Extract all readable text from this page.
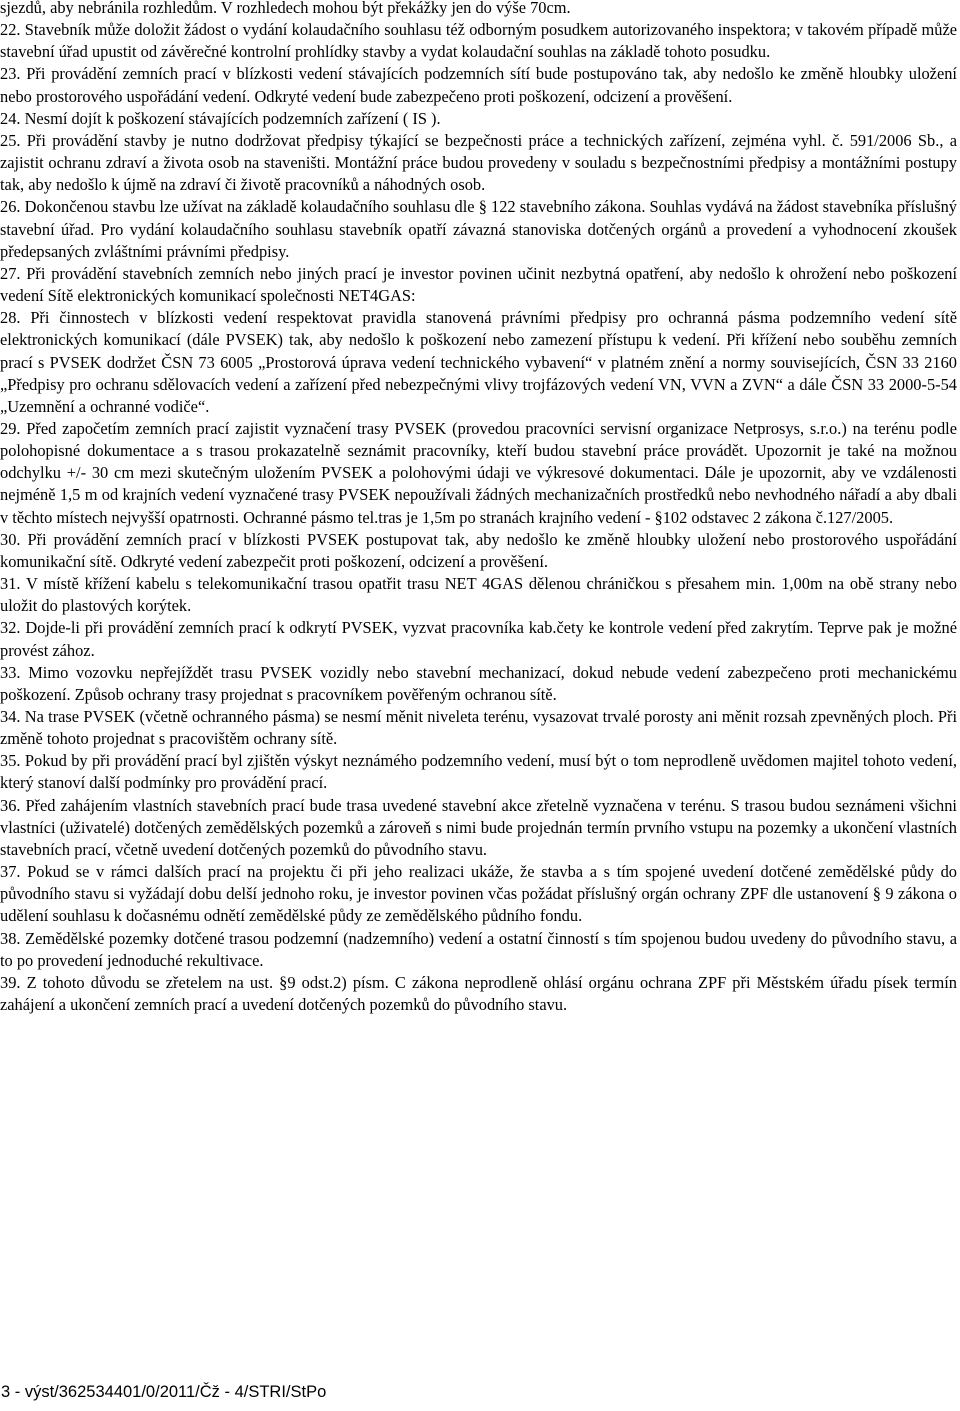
sjezdů, aby nebránila rozhledům. V rozhledech mohou být překážky jen do výše 70cm.

22. Stavebník může doložit žádost o vydání kolaudačního souhlasu též odborným posudkem autorizovaného inspektora; v takovém případě může stavební úřad upustit od závěrečné kontrolní prohlídky stavby a vydat kolaudační souhlas na základě tohoto posudku.

23. Při provádění zemních prací v blízkosti vedení stávajících podzemních sítí bude postupováno tak, aby nedošlo ke změně hloubky uložení nebo prostorového uspořádání vedení. Odkryté vedení bude zabezpečeno proti poškození, odcizení a prověšení.

24. Nesmí dojít k poškození stávajících podzemních zařízení ( IS ).

25. Při provádění stavby je nutno dodržovat předpisy týkající se bezpečnosti práce a technických zařízení, zejména vyhl. č. 591/2006 Sb., a zajistit ochranu zdraví a života osob na staveništi. Montážní práce budou provedeny v souladu s bezpečnostními předpisy a montážními postupy tak, aby nedošlo k újmě na zdraví či životě pracovníků a náhodných osob.

26. Dokončenou stavbu lze užívat na základě kolaudačního souhlasu dle § 122 stavebního zákona. Souhlas vydává na žádost stavebníka příslušný stavební úřad. Pro vydání kolaudačního souhlasu stavebník opatří závazná stanoviska dotčených orgánů a provedení a vyhodnocení zkoušek předepsaných zvláštními právními předpisy.

27. Při provádění stavebních zemních nebo jiných prací je investor povinen učinit nezbytná opatření, aby nedošlo k ohrožení nebo poškození vedení Sítě elektronických komunikací společnosti NET4GAS:

28. Při činnostech v blízkosti vedení respektovat pravidla stanovená právními předpisy pro ochranná pásma podzemního vedení sítě elektronických komunikací (dále PVSEK) tak, aby nedošlo k poškození nebo zamezení přístupu k vedení. Při křížení nebo souběhu zemních prací s PVSEK dodržet ČSN 73 6005 „Prostorová úprava vedení technického vybavení“ v platném znění a normy souvisejících, ČSN 33 2160 „Předpisy pro ochranu sdělovacích vedení a zařízení před nebezpečnými vlivy trojfázových vedení VN, VVN a ZVN“ a dále ČSN 33 2000-5-54 „Uzemnění a ochranné vodiče“.

29. Před započetím zemních prací zajistit vyznačení trasy PVSEK (provedou pracovníci servisní organizace Netprosys, s.r.o.) na terénu podle polohopisné dokumentace a s trasou prokazatelně seznámit pracovníky, kteří budou stavební práce provádět. Upozornit je také na možnou odchylku +/- 30 cm mezi skutečným uložením PVSEK a polohovými údaji ve výkresové dokumentaci. Dále je upozornit, aby ve vzdálenosti nejméně 1,5 m od krajních vedení vyznačené trasy PVSEK nepoužívali žádných mechanizačních prostředků nebo nevhodného nářadí a aby dbali v těchto místech nejvyšší opatrnosti. Ochranné pásmo tel.tras je 1,5m po stranách krajního vedení - §102 odstavec 2 zákona č.127/2005.

30. Při provádění zemních prací v blízkosti PVSEK postupovat tak, aby nedošlo ke změně hloubky uložení nebo prostorového uspořádání komunikační sítě. Odkryté vedení zabezpečit proti poškození, odcizení a prověšení.

31. V místě křížení kabelu s telekomunikační trasou opatřit trasu NET 4GAS dělenou chráničkou s přesahem min. 1,00m na obě strany nebo uložit do plastových korýtek.

32. Dojde-li při provádění zemních prací k odkrytí PVSEK, vyzvat pracovníka kab.čety ke kontrole vedení před zakrytím. Teprve pak je možné provést zához.

33. Mimo vozovku nepřejíždět trasu PVSEK vozidly nebo stavební mechanizací, dokud nebude vedení zabezpečeno proti mechanickému poškození. Způsob ochrany trasy projednat s pracovníkem pověřeným ochranou sítě.

34. Na trase PVSEK (včetně ochranného pásma) se nesmí měnit niveleta terénu, vysazovat trvalé porosty ani měnit rozsah zpevněných ploch. Při změně tohoto projednat s pracovištěm ochrany sítě.

35. Pokud by při provádění prací byl zjištěn výskyt neznámého podzemního vedení, musí být o tom neprodleně uvědomen majitel tohoto vedení, který stanoví další podmínky pro provádění prací.

36. Před zahájením vlastních stavebních prací bude trasa uvedené stavební akce zřetelně vyznačena v terénu. S trasou budou seznámeni všichni vlastníci (uživatelé) dotčených zemědělských pozemků a zároveň s nimi bude projednán termín prvního vstupu na pozemky a ukončení vlastních stavebních prací, včetně uvedení dotčených pozemků do původního stavu.

37. Pokud se v rámci dalších prací na projektu či při jeho realizaci ukáže, že stavba a s tím spojené uvedení dotčené zemědělské půdy do původního stavu si vyžádají dobu delší jednoho roku, je investor povinen včas požádat příslušný orgán ochrany ZPF dle ustanovení § 9 zákona o udělení souhlasu k dočasnému odnětí zemědělské půdy ze zemědělského půdního fondu.

38. Zemědělské pozemky dotčené trasou podzemní (nadzemního) vedení a ostatní činností s tím spojenou budou uvedeny do původního stavu, a to po provedení jednoduché rekultivace.

39. Z tohoto důvodu se zřetelem na ust. §9 odst.2) písm. C zákona neprodleně ohlásí orgánu ochrana ZPF při Městském úřadu písek termín zahájení a ukončení zemních prací a uvedení dotčených pozemků do původního stavu.

3 - výst/362534401/0/2011/Čž - 4/STRI/StPo
